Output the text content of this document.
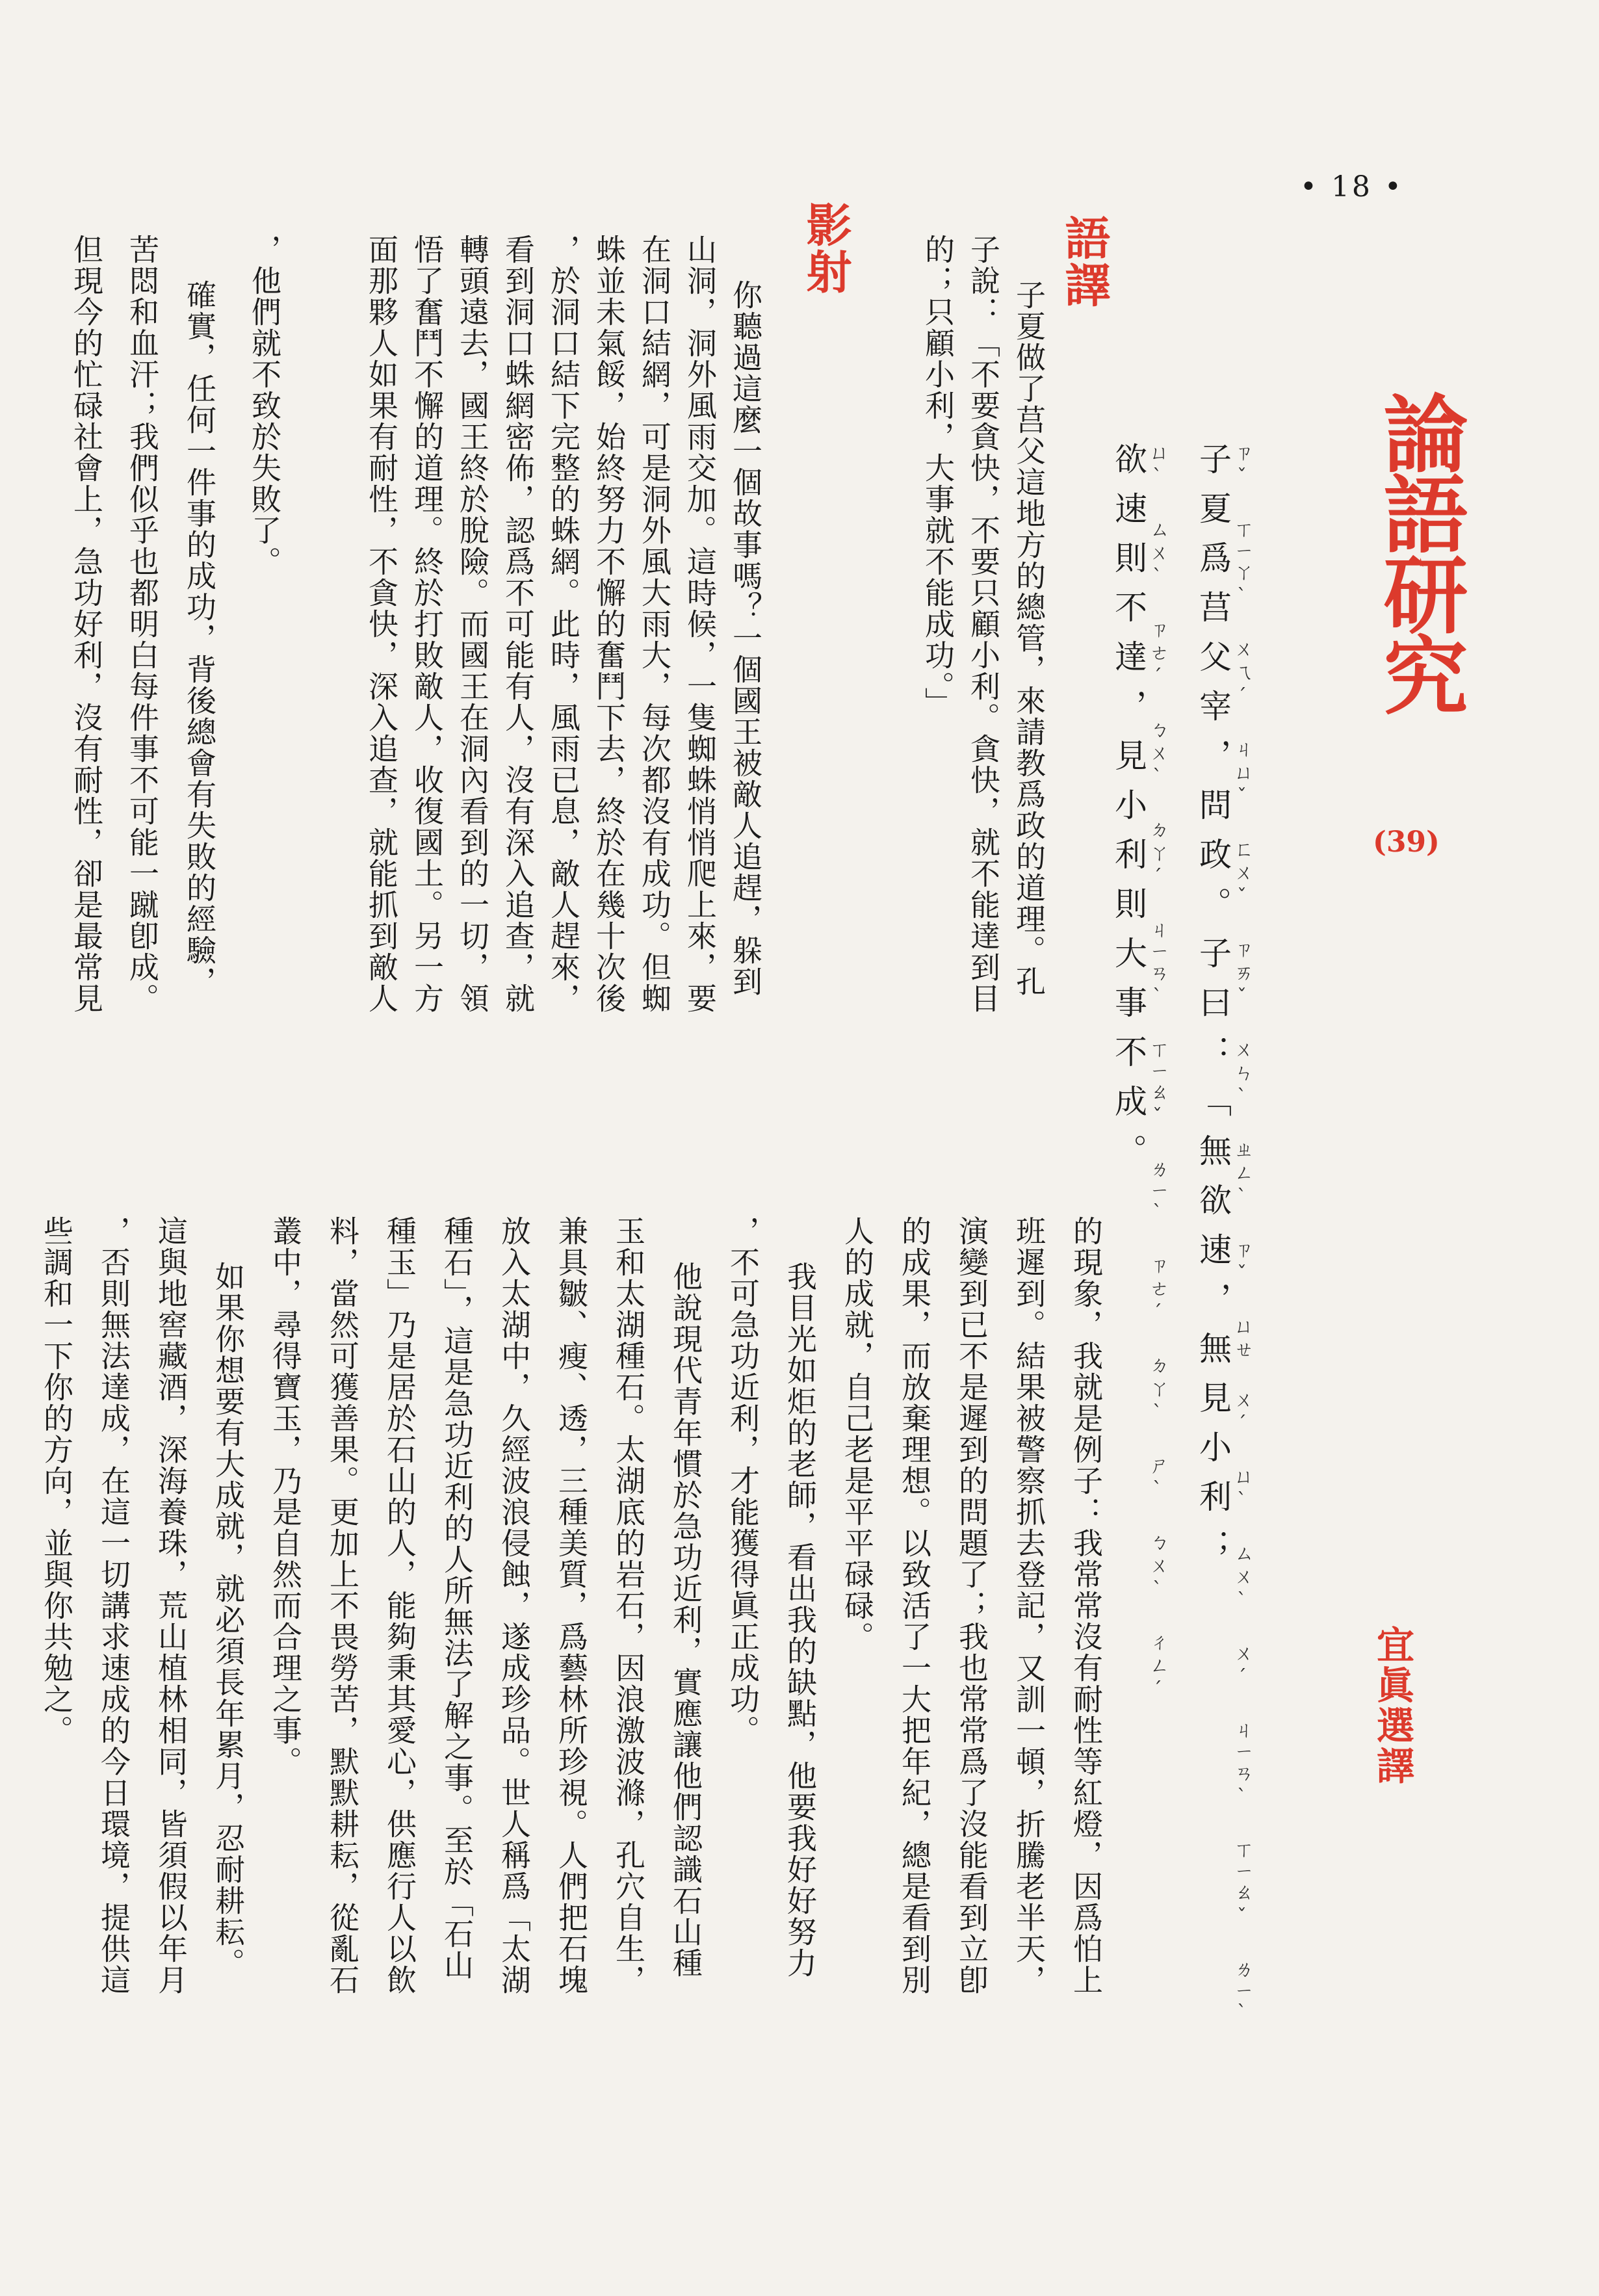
• 18 •
論語研究
(39)
宜眞選譯
ㄗˇ ㄒㄧㄚˋ ㄨㄟˊ ㄐㄩˇ ㄈㄨˇ ㄗㄞˇ ㄨㄣˋ ㄓㄥˋ ㄗˇ ㄩㄝ ㄨˊ ㄩˋ ㄙㄨˋ ㄨˊ ㄐㄧㄢˋ ㄒㄧㄠˇ ㄌㄧˋ
子夏爲莒父宰，問政。子曰：「無欲速，無見小利；
ㄩˋ ㄙㄨˋ ㄗㄜˊ ㄅㄨˋ ㄉㄚˊ ㄐㄧㄢˋ ㄒㄧㄠˇ ㄌㄧˋ ㄗㄜˊ ㄉㄚˋ ㄕˋ ㄅㄨˋ ㄔㄥˊ
欲速則不達，見小利則大事不成。

語譯
子夏做了莒父這地方的總管，來請教爲政的道理。孔
子說：「不要貪快，不要只顧小利。貪快，就不能達到目
的；只顧小利，大事就不能成功。」
影射
你聽過這麼一個故事嗎？一個國王被敵人追趕，躲到
山洞，洞外風雨交加。這時候，一隻蜘蛛悄悄爬上來，要
在洞口結網，可是洞外風大雨大，每次都沒有成功。但蜘
蛛並未氣餒，始終努力不懈的奮鬥下去，終於在幾十次後
，於洞口結下完整的蛛網。此時，風雨已息，敵人趕來，
看到洞口蛛網密佈，認爲不可能有人，沒有深入追查，就
轉頭遠去，國王終於脫險。而國王在洞內看到的一切，領
悟了奮鬥不懈的道理。終於打敗敵人，收復國土。另一方
面那夥人如果有耐性，不貪快，深入追查，就能抓到敵人
，他們就不致於失敗了。
確實，任何一件事的成功，背後總會有失敗的經驗，
苦悶和血汗；我們似乎也都明白每件事不可能一蹴卽成。
但現今的忙碌社會上，急功好利，沒有耐性，卻是最常見
的現象，我就是例子：我常常沒有耐性等紅燈，因爲怕上
班遲到。結果被警察抓去登記，又訓一頓，折騰老半天，
演變到已不是遲到的問題了；我也常常爲了沒能看到立卽
的成果，而放棄理想。以致活了一大把年紀，總是看到別
人的成就，自己老是平平碌碌。
我目光如炬的老師，看出我的缺點，他要我好好努力
，不可急功近利，才能獲得眞正成功。
他說現代青年慣於急功近利，實應讓他們認識石山種
玉和太湖種石。太湖底的岩石，因浪激波滌，孔穴自生，
兼具皺、瘦、透，三種美質，爲藝林所珍視。人們把石塊
放入太湖中，久經波浪侵蝕，遂成珍品。世人稱爲「太湖
種石」，這是急功近利的人所無法了解之事。至於「石山
種玉」乃是居於石山的人，能夠秉其愛心，供應行人以飲
料，當然可獲善果。更加上不畏勞苦，默默耕耘，從亂石
叢中，尋得寶玉，乃是自然而合理之事。
如果你想要有大成就，就必須長年累月，忍耐耕耘。
這與地窖藏酒，深海養珠，荒山植林相同，皆須假以年月
，否則無法達成，在這一切講求速成的今日環境，提供這
些調和一下你的方向，並與你共勉之。
